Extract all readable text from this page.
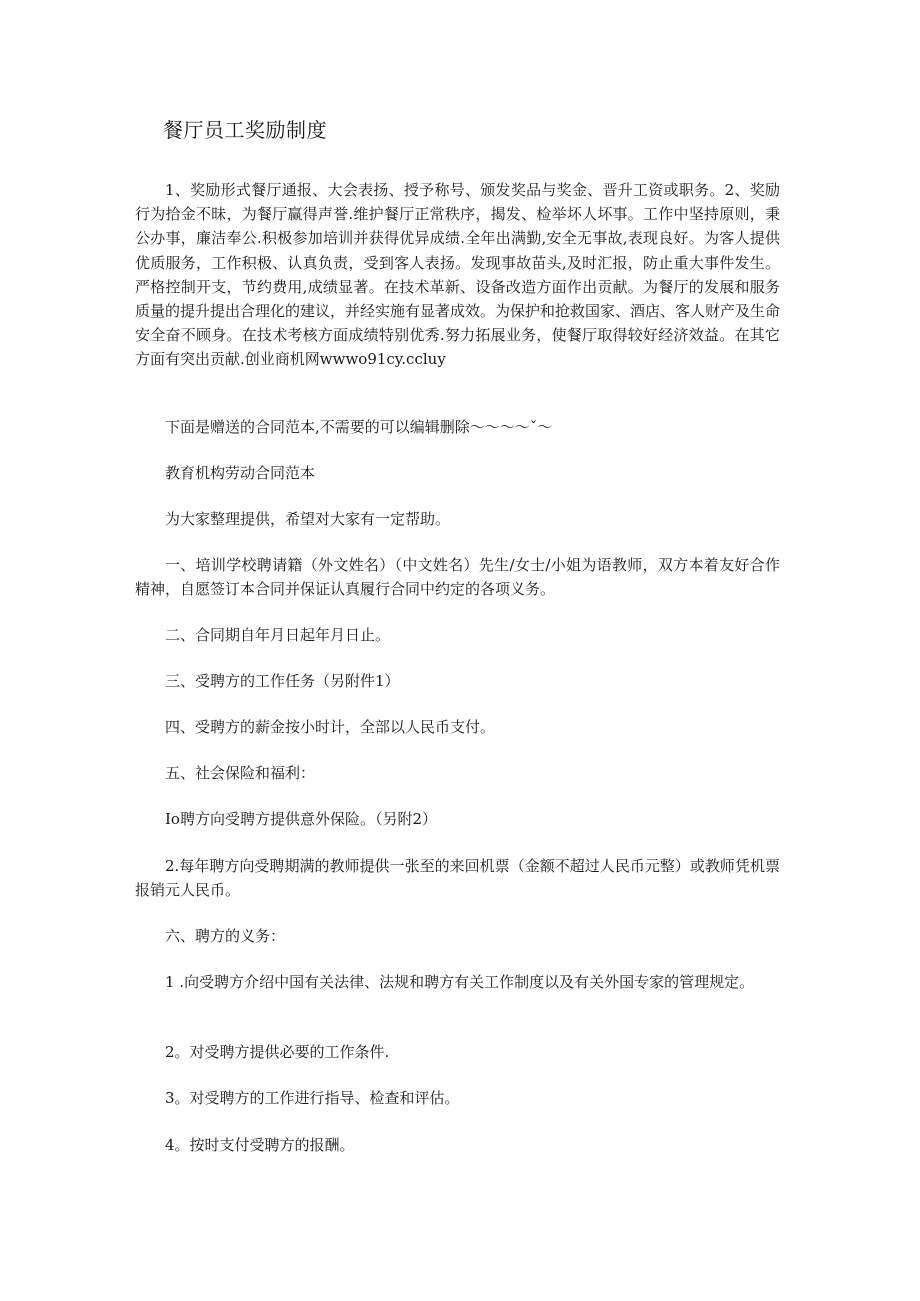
餐厅员工奖励制度

1、奖励形式餐厅通报、大会表扬、授予称号、颁发奖品与奖金、晋升工资或职务。2、奖励行为拾金不昧，为餐厅赢得声誉.维护餐厅正常秩序，揭发、检举坏人坏事。工作中坚持原则，秉公办事，廉洁奉公.积极参加培训并获得优异成绩.全年出满勤,安全无事故,表现良好。为客人提供优质服务，工作积极、认真负责，受到客人表扬。发现事故苗头,及时汇报，防止重大事件发生。严格控制开支，节约费用,成绩显著。在技术革新、设备改造方面作出贡献。为餐厅的发展和服务质量的提升提出合理化的建议，并经实施有显著成效。为保护和抢救国家、酒店、客人财产及生命安全奋不顾身。在技术考核方面成绩特别优秀.努力拓展业务，使餐厅取得较好经济效益。在其它方面有突出贡献.创业商机网wwwo91cy.ccluy

下面是赠送的合同范本,不需要的可以编辑删除～～～～ˇ～

教育机构劳动合同范本

为大家整理提供，希望对大家有一定帮助。

一、培训学校聘请籍（外文姓名）（中文姓名）先生/女士/小姐为语教师，双方本着友好合作精神，自愿签订本合同并保证认真履行合同中约定的各项义务。

二、合同期自年月日起年月日止。

三、受聘方的工作任务（另附件1）

四、受聘方的薪金按小时计，全部以人民币支付。

五、社会保险和福利：

Io聘方向受聘方提供意外保险。（另附2）

2.每年聘方向受聘期满的教师提供一张至的来回机票（金额不超过人民币元整）或教师凭机票报销元人民币。

六、聘方的义务：

1 .向受聘方介绍中国有关法律、法规和聘方有关工作制度以及有关外国专家的管理规定。

2。对受聘方提供必要的工作条件.

3。对受聘方的工作进行指导、检查和评估。

4。按时支付受聘方的报酬。
